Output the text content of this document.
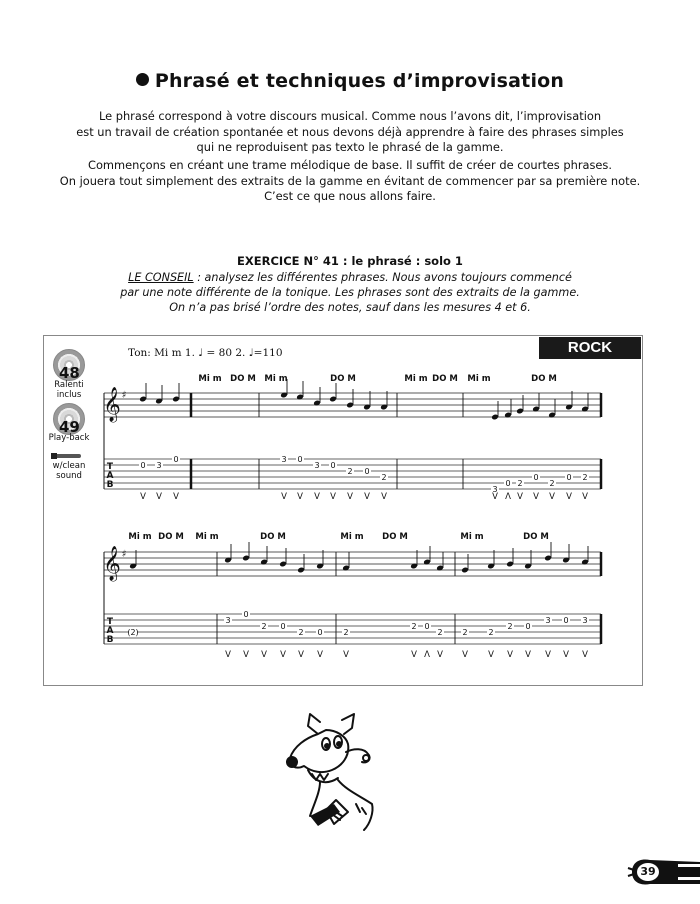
Phrasé et techniques d’improvisation
Le phrasé correspond à votre discours musical. Comme nous l’avons dit, l’improvisation
est un travail de création spontanée et nous devons déjà apprendre à faire des phrases simples
qui ne reproduisent pas texto le phrasé de la gamme.
Commençons en créant une trame mélodique de base. Il suffit de créer de courtes phrases.
On jouera tout simplement des extraits de la gamme en évitant de commencer par sa première note.
C’est ce que nous allons faire.
EXERCICE N° 41 : le phrasé : solo 1
LE CONSEIL : analysez les différentes phrases. Nous avons toujours commencé
par une note différente de la tonique. Les phrases sont des extraits de la gamme.
On n’a pas brisé l’ordre des notes, sauf dans les mesures 4 et 6.
ROCK
Ton: Mi m 1. ♩ = 80 2. ♩=110
48
Ralenti
inclus
49
Play-back
w/clean
sound
Mi m DO M Mi m	DO M	Mi m DO M Mi m	DO M
𝄞 ♯
T
A
B
0 3
0	3 0
3 0
2 0
2
3
0 2
0
2
0 2
V V V	V V V V V V V	V Λ V V V V V
Mi m DO M Mi m	DO M	Mi m DO M	Mi m	DO M
𝄞 ♯
T
A
B
(2)
3
0
2 0
2 0	2
2 0
2 2	2
2 0
3 0 3
V V V V V V V	V Λ V V V V V V V V
39
